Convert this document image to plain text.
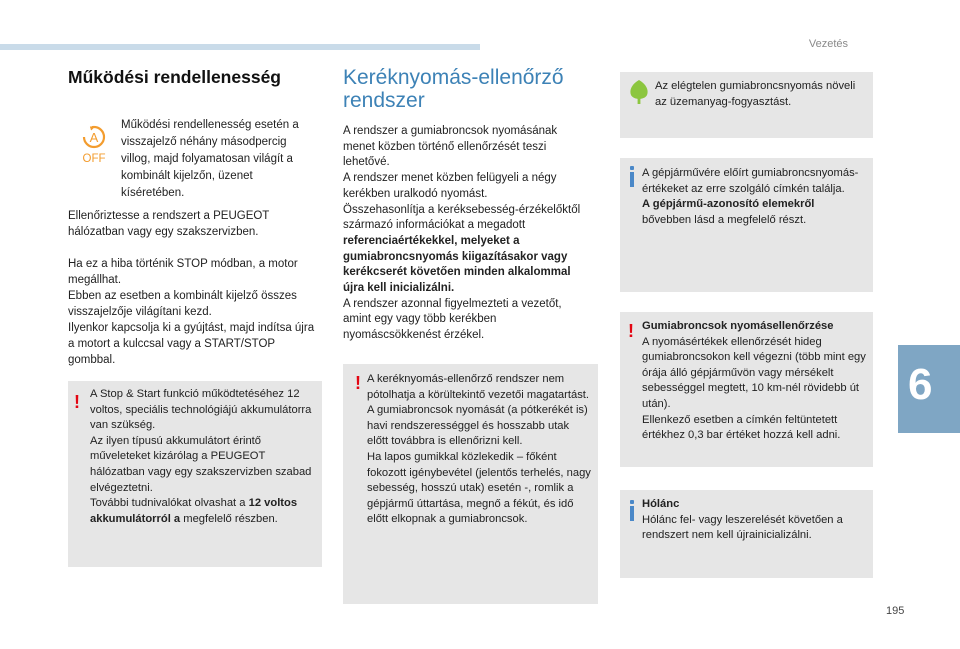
Vezetés
Működési rendellenesség
A
OFF
Működési rendellenesség esetén a visszajelző néhány másodpercig villog, majd folyamatosan világít a kombinált kijelzőn, üzenet kíséretében.
Ellenőriztesse a rendszert a PEUGEOT hálózatban vagy egy szakszervizben.
Ha ez a hiba történik STOP módban, a motor megállhat.
Ebben az esetben a kombinált kijelző összes visszajelzője világítani kezd.
Ilyenkor kapcsolja ki a gyújtást, majd indítsa újra a motort a kulccsal vagy a START/STOP gombbal.
! A Stop & Start funkció működtetéséhez 12 voltos, speciális technológiájú akkumulátorra van szükség.
Az ilyen típusú akkumulátort érintő műveleteket kizárólag a PEUGEOT hálózatban vagy egy szakszervizben szabad elvégeztetni.
További tudnivalókat olvashat a 12 voltos akkumulátorról a megfelelő részben.
Keréknyomás-ellenőrző rendszer
A rendszer a gumiabroncsok nyomásának menet közben történő ellenőrzését teszi lehetővé.
A rendszer menet közben felügyeli a négy kerékben uralkodó nyomást.
Összehasonlítja a keréksebesség-érzékelőktől származó információkat a megadott referenciaértékekkel, melyeket a gumiabroncsnyomás kiigazításakor vagy kerékcserét követően minden alkalommal újra kell inicializálni.
A rendszer azonnal figyelmezteti a vezetőt, amint egy vagy több kerékben nyomáscsökkenést érzékel.
! A keréknyomás-ellenőrző rendszer nem pótolhatja a körültekintő vezetői magatartást.
A gumiabroncsok nyomását (a pótkerékét is) havi rendszerességgel és hosszabb utak előtt továbbra is ellenőrizni kell.
Ha lapos gumikkal közlekedik – főként fokozott igénybevétel (jelentős terhelés, nagy sebesség, hosszú utak) esetén -, romlik a gépjármű úttartása, megnő a fékút, és idő előtt elkopnak a gumiabroncsok.
Az elégtelen gumiabroncsnyomás növeli az üzemanyag-fogyasztást.
A gépjárművére előírt gumiabroncsnyomás-értékeket az erre szolgáló címkén találja.
A gépjármű-azonosító elemekről
bővebben lásd a megfelelő részt.
! Gumiabroncsok nyomásellenőrzése
A nyomásértékek ellenőrzését hideg gumiabroncsokon kell végezni (több mint egy órája álló gépjárművön vagy mérsékelt sebességgel megtett, 10 km-nél rövidebb út után).
Ellenkező esetben a címkén feltüntetett értékhez 0,3 bar értéket hozzá kell adni.
Hólánc
Hólánc fel- vagy leszerelését követően a rendszert nem kell újrainicializálni.
6
195
